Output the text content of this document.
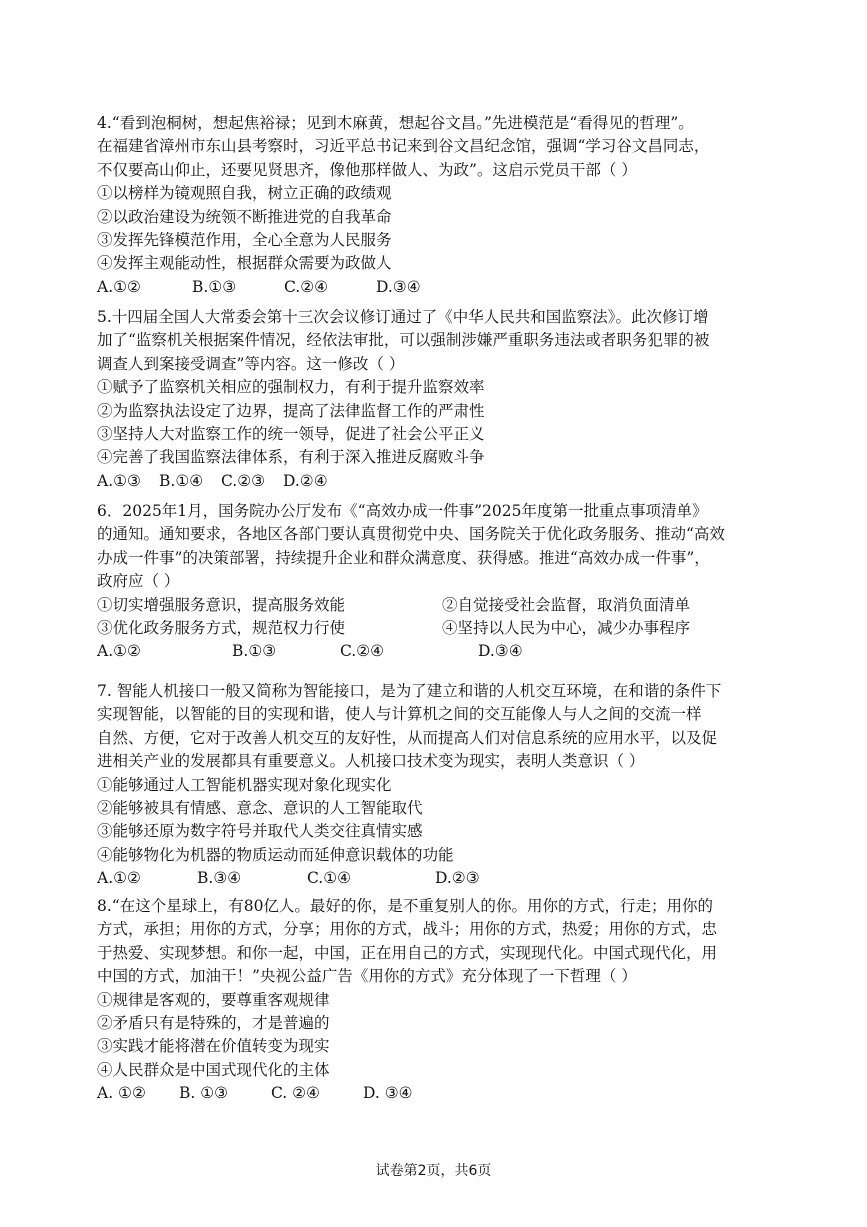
4.“看到泡桐树，想起焦裕禄；见到木麻黄，想起谷文昌。”先进模范是“看得见的哲理”。
在福建省漳州市东山县考察时，习近平总书记来到谷文昌纪念馆，强调“学习谷文昌同志，
不仅要高山仰止，还要见贤思齐，像他那样做人、为政”。这启示党员干部（ ）

①以榜样为镜观照自我，树立正确的政绩观

②以政治建设为统领不断推进党的自我革命

③发挥先锋模范作用，全心全意为人民服务

④发挥主观能动性，根据群众需要为政做人

A.①②	B.①③	C.②④	D.③④

5.十四届全国人大常委会第十三次会议修订通过了《中华人民共和国监察法》。此次修订增
加了“监察机关根据案件情况，经依法审批，可以强制涉嫌严重职务违法或者职务犯罪的被
调查人到案接受调查”等内容。这一修改（ ）

①赋予了监察机关相应的强制权力，有利于提升监察效率

②为监察执法设定了边界，提高了法律监督工作的严肃性

③坚持人大对监察工作的统一领导，促进了社会公平正义

④完善了我国监察法律体系，有利于深入推进反腐败斗争

A.①③	B.①④	C.②③	D.②④

6．2025年1月，国务院办公厅发布《“高效办成一件事”2025年度第一批重点事项清单》
的通知。通知要求，各地区各部门要认真贯彻党中央、国务院关于优化政务服务、推动“高效
办成一件事”的决策部署，持续提升企业和群众满意度、获得感。推进“高效办成一件事”，
政府应（ ）

①切实增强服务意识，提高服务效能	②自觉接受社会监督，取消负面清单
③优化政务服务方式，规范权力行使	④坚持以人民为中心，减少办事程序
A.①②	B.①③	C.②④	D.③④

7. 智能人机接口一般又简称为智能接口，是为了建立和谐的人机交互环境，在和谐的条件下
实现智能，以智能的目的实现和谐，使人与计算机之间的交互能像人与人之间的交流一样
自然、方便，它对于改善人机交互的友好性，从而提高人们对信息系统的应用水平，以及促
进相关产业的发展都具有重要意义。人机接口技术变为现实，表明人类意识（ ）

①能够通过人工智能机器实现对象化现实化

②能够被具有情感、意念、意识的人工智能取代

③能够还原为数字符号并取代人类交往真情实感

④能够物化为机器的物质运动而延伸意识载体的功能

A.①②	B.③④	C.①④	D.②③

8.“在这个星球上，有80亿人。最好的你，是不重复别人的你。用你的方式，行走；用你的
方式，承担；用你的方式，分享；用你的方式，战斗；用你的方式，热爱；用你的方式，忠
于热爱、实现梦想。和你一起，中国，正在用自己的方式，实现现代化。中国式现代化，用
中国的方式，加油干！”央视公益广告《用你的方式》充分体现了一下哲理（ ）

①规律是客观的，要尊重客观规律

②矛盾只有是特殊的，才是普遍的

③实践才能将潜在价值转变为现实

④人民群众是中国式现代化的主体

A. ①②	B. ①③	C. ②④	D. ③④
试卷第2页，共6页
